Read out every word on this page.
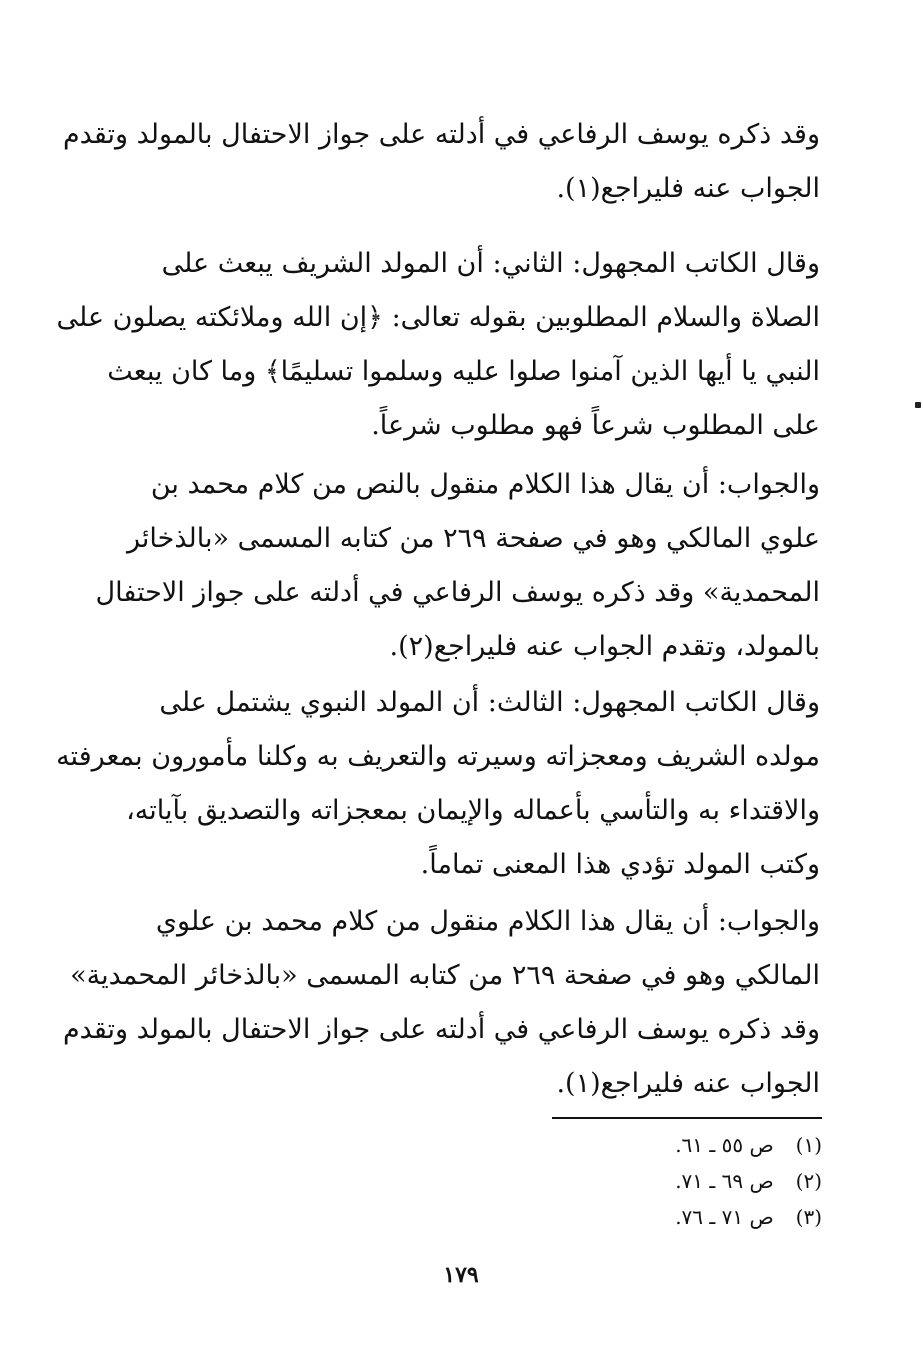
وقد ذكره يوسف الرفاعي في أدلته على جواز الاحتفال بالمولد وتقدم
الجواب عنه فليراجع(١).

وقال الكاتب المجهول: الثاني: أن المولد الشريف يبعث على
الصلاة والسلام المطلوبين بقوله تعالى: ﴿إن الله وملائكته يصلون على
النبي يا أيها الذين آمنوا صلوا عليه وسلموا تسليمًا﴾ وما كان يبعث
على المطلوب شرعاً فهو مطلوب شرعاً.

والجواب: أن يقال هذا الكلام منقول بالنص من كلام محمد بن
علوي المالكي وهو في صفحة ٢٦٩ من كتابه المسمى «بالذخائر
المحمدية» وقد ذكره يوسف الرفاعي في أدلته على جواز الاحتفال
بالمولد، وتقدم الجواب عنه فليراجع(٢).

وقال الكاتب المجهول: الثالث: أن المولد النبوي يشتمل على
مولده الشريف ومعجزاته وسيرته والتعريف به وكلنا مأمورون بمعرفته
والاقتداء به والتأسي بأعماله والإيمان بمعجزاته والتصديق بآياته،
وكتب المولد تؤدي هذا المعنى تماماً.

والجواب: أن يقال هذا الكلام منقول من كلام محمد بن علوي
المالكي وهو في صفحة ٢٦٩ من كتابه المسمى «بالذخائر المحمدية»
وقد ذكره يوسف الرفاعي في أدلته على جواز الاحتفال بالمولد وتقدم
الجواب عنه فليراجع(١).

(١) ص ٥٥ ـ ٦١.
(٢) ص ٦٩ ـ ٧١.
(٣) ص ٧١ ـ ٧٦.
١٧٩
